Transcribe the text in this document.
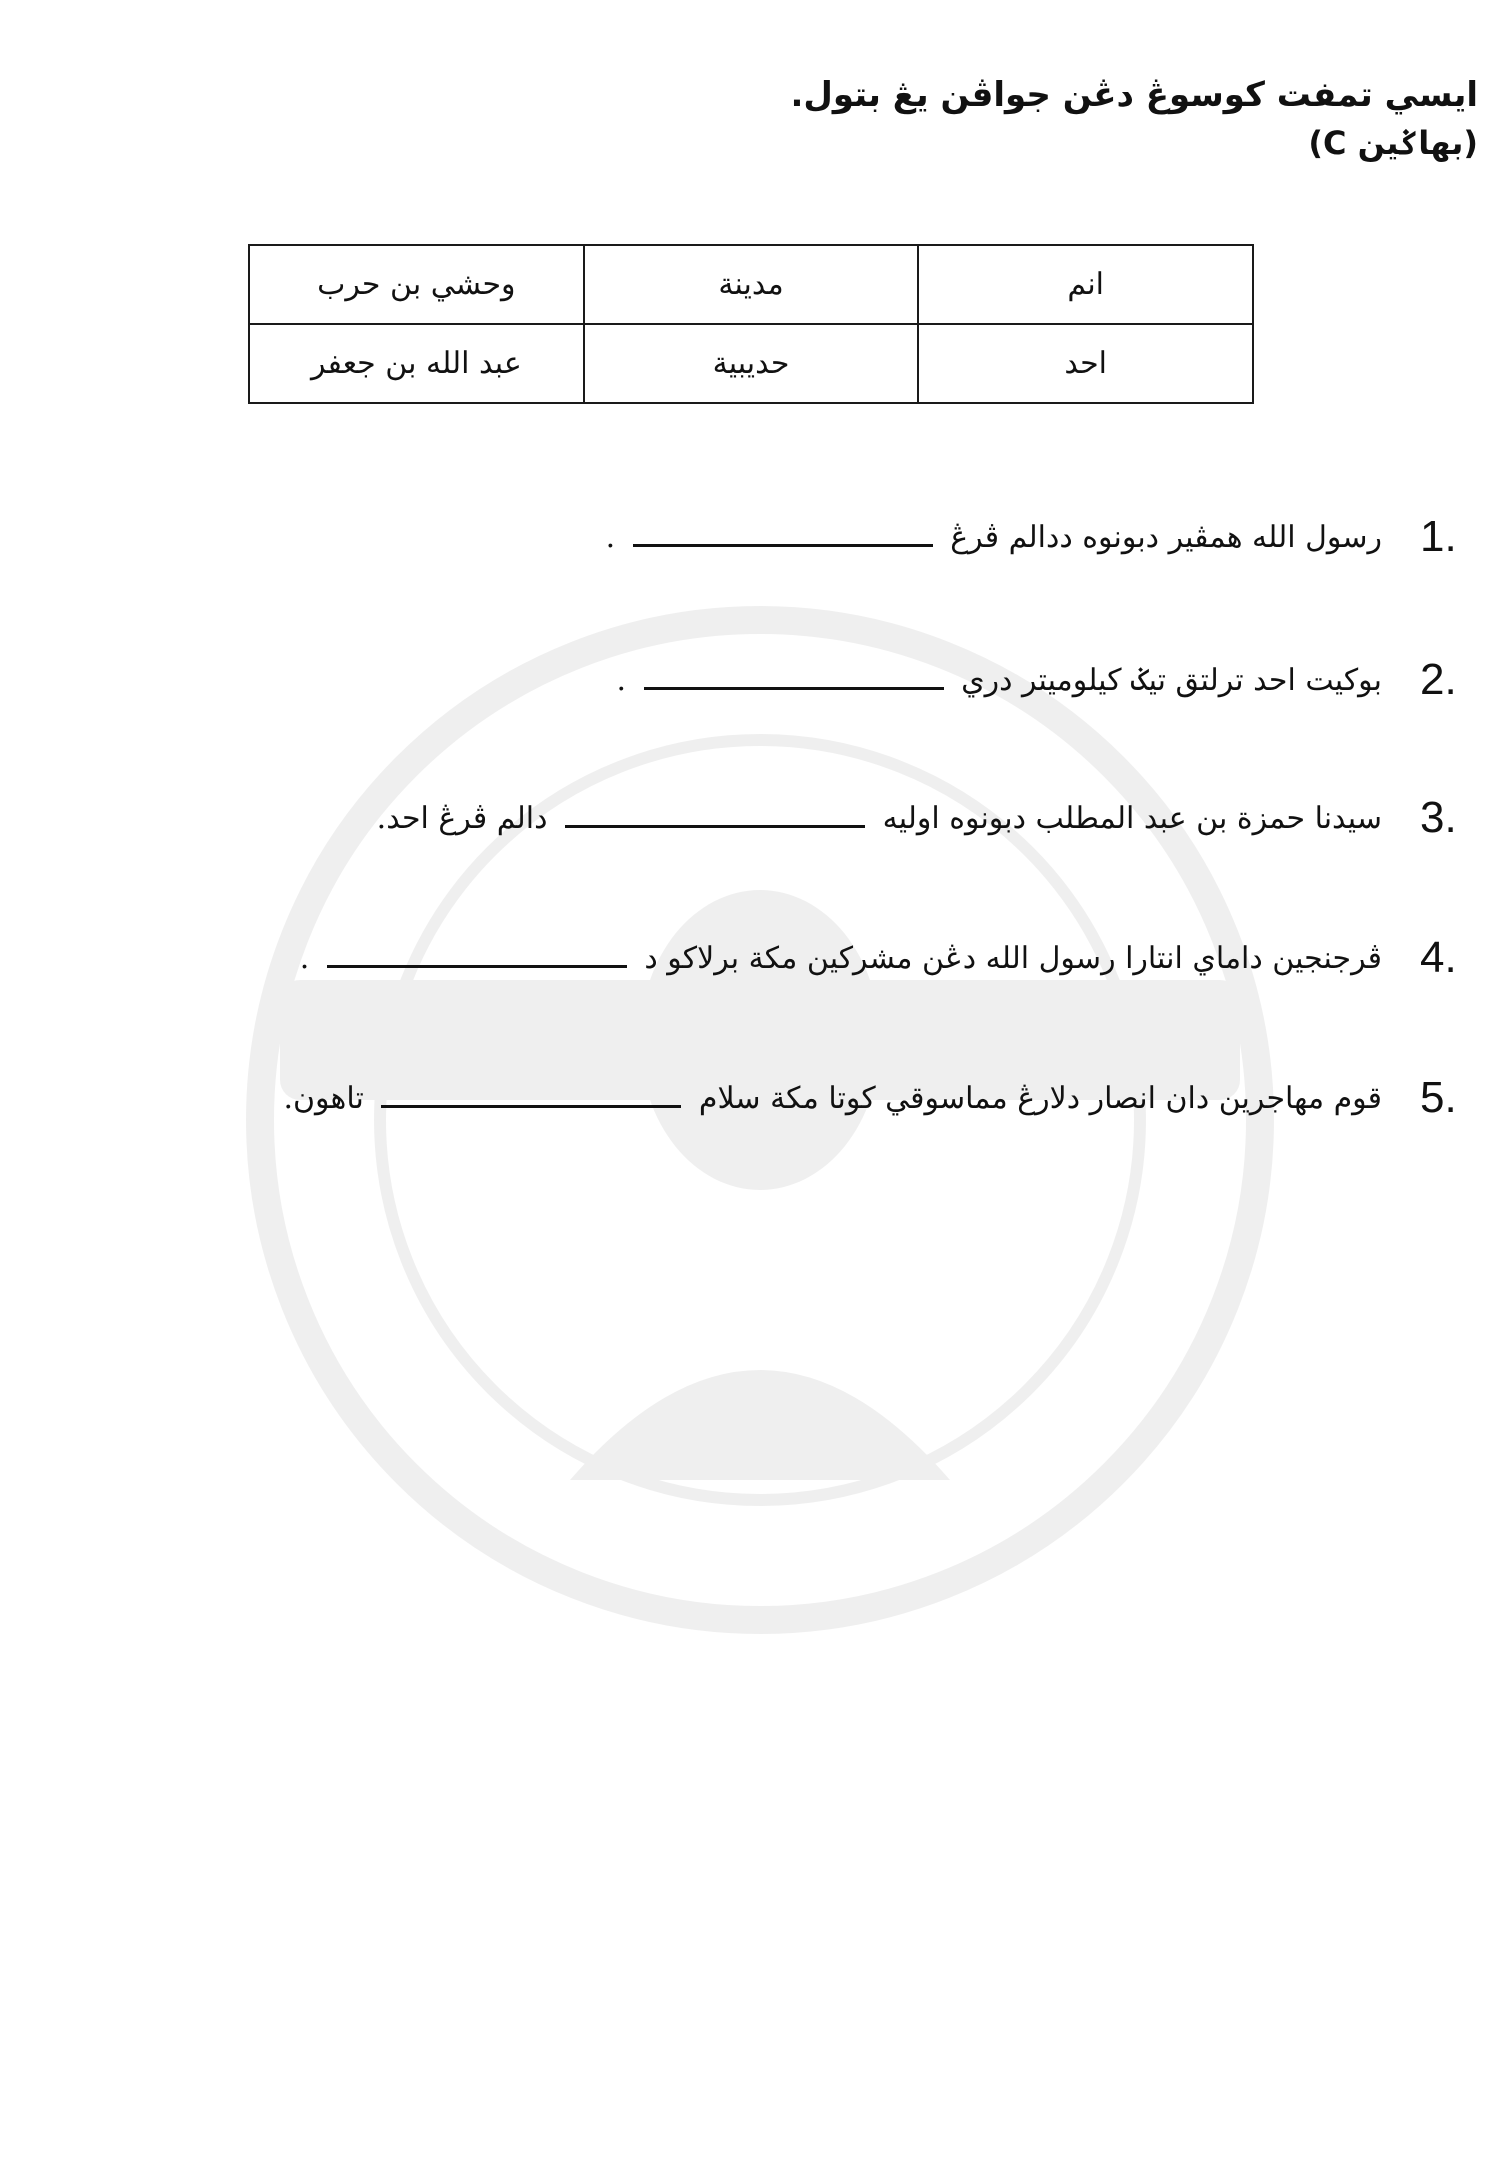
ايسي تمفت كوسوڠ دڠن جواڤن يڠ بتول.
(بهاݢين C)
انم	مدينة	وحشي بن حرب
احد	حديبية	عبد الله بن جعفر
1.
رسول الله همڤير دبونوه ددالم ڤرڠ  .
2.
بوكيت احد ترلتق تيݢ كيلوميتر دري  .
3.
سيدنا حمزة بن عبد المطلب دبونوه اوليه  دالم ڤرڠ احد.
4.
ڤرجنجين داماي انتارا رسول الله دڠن مشركين مكة برلاكو د  .
5.
قوم مهاجرين دان انصار دلارڠ مماسوقي كوتا مكة سلام  تاهون.
